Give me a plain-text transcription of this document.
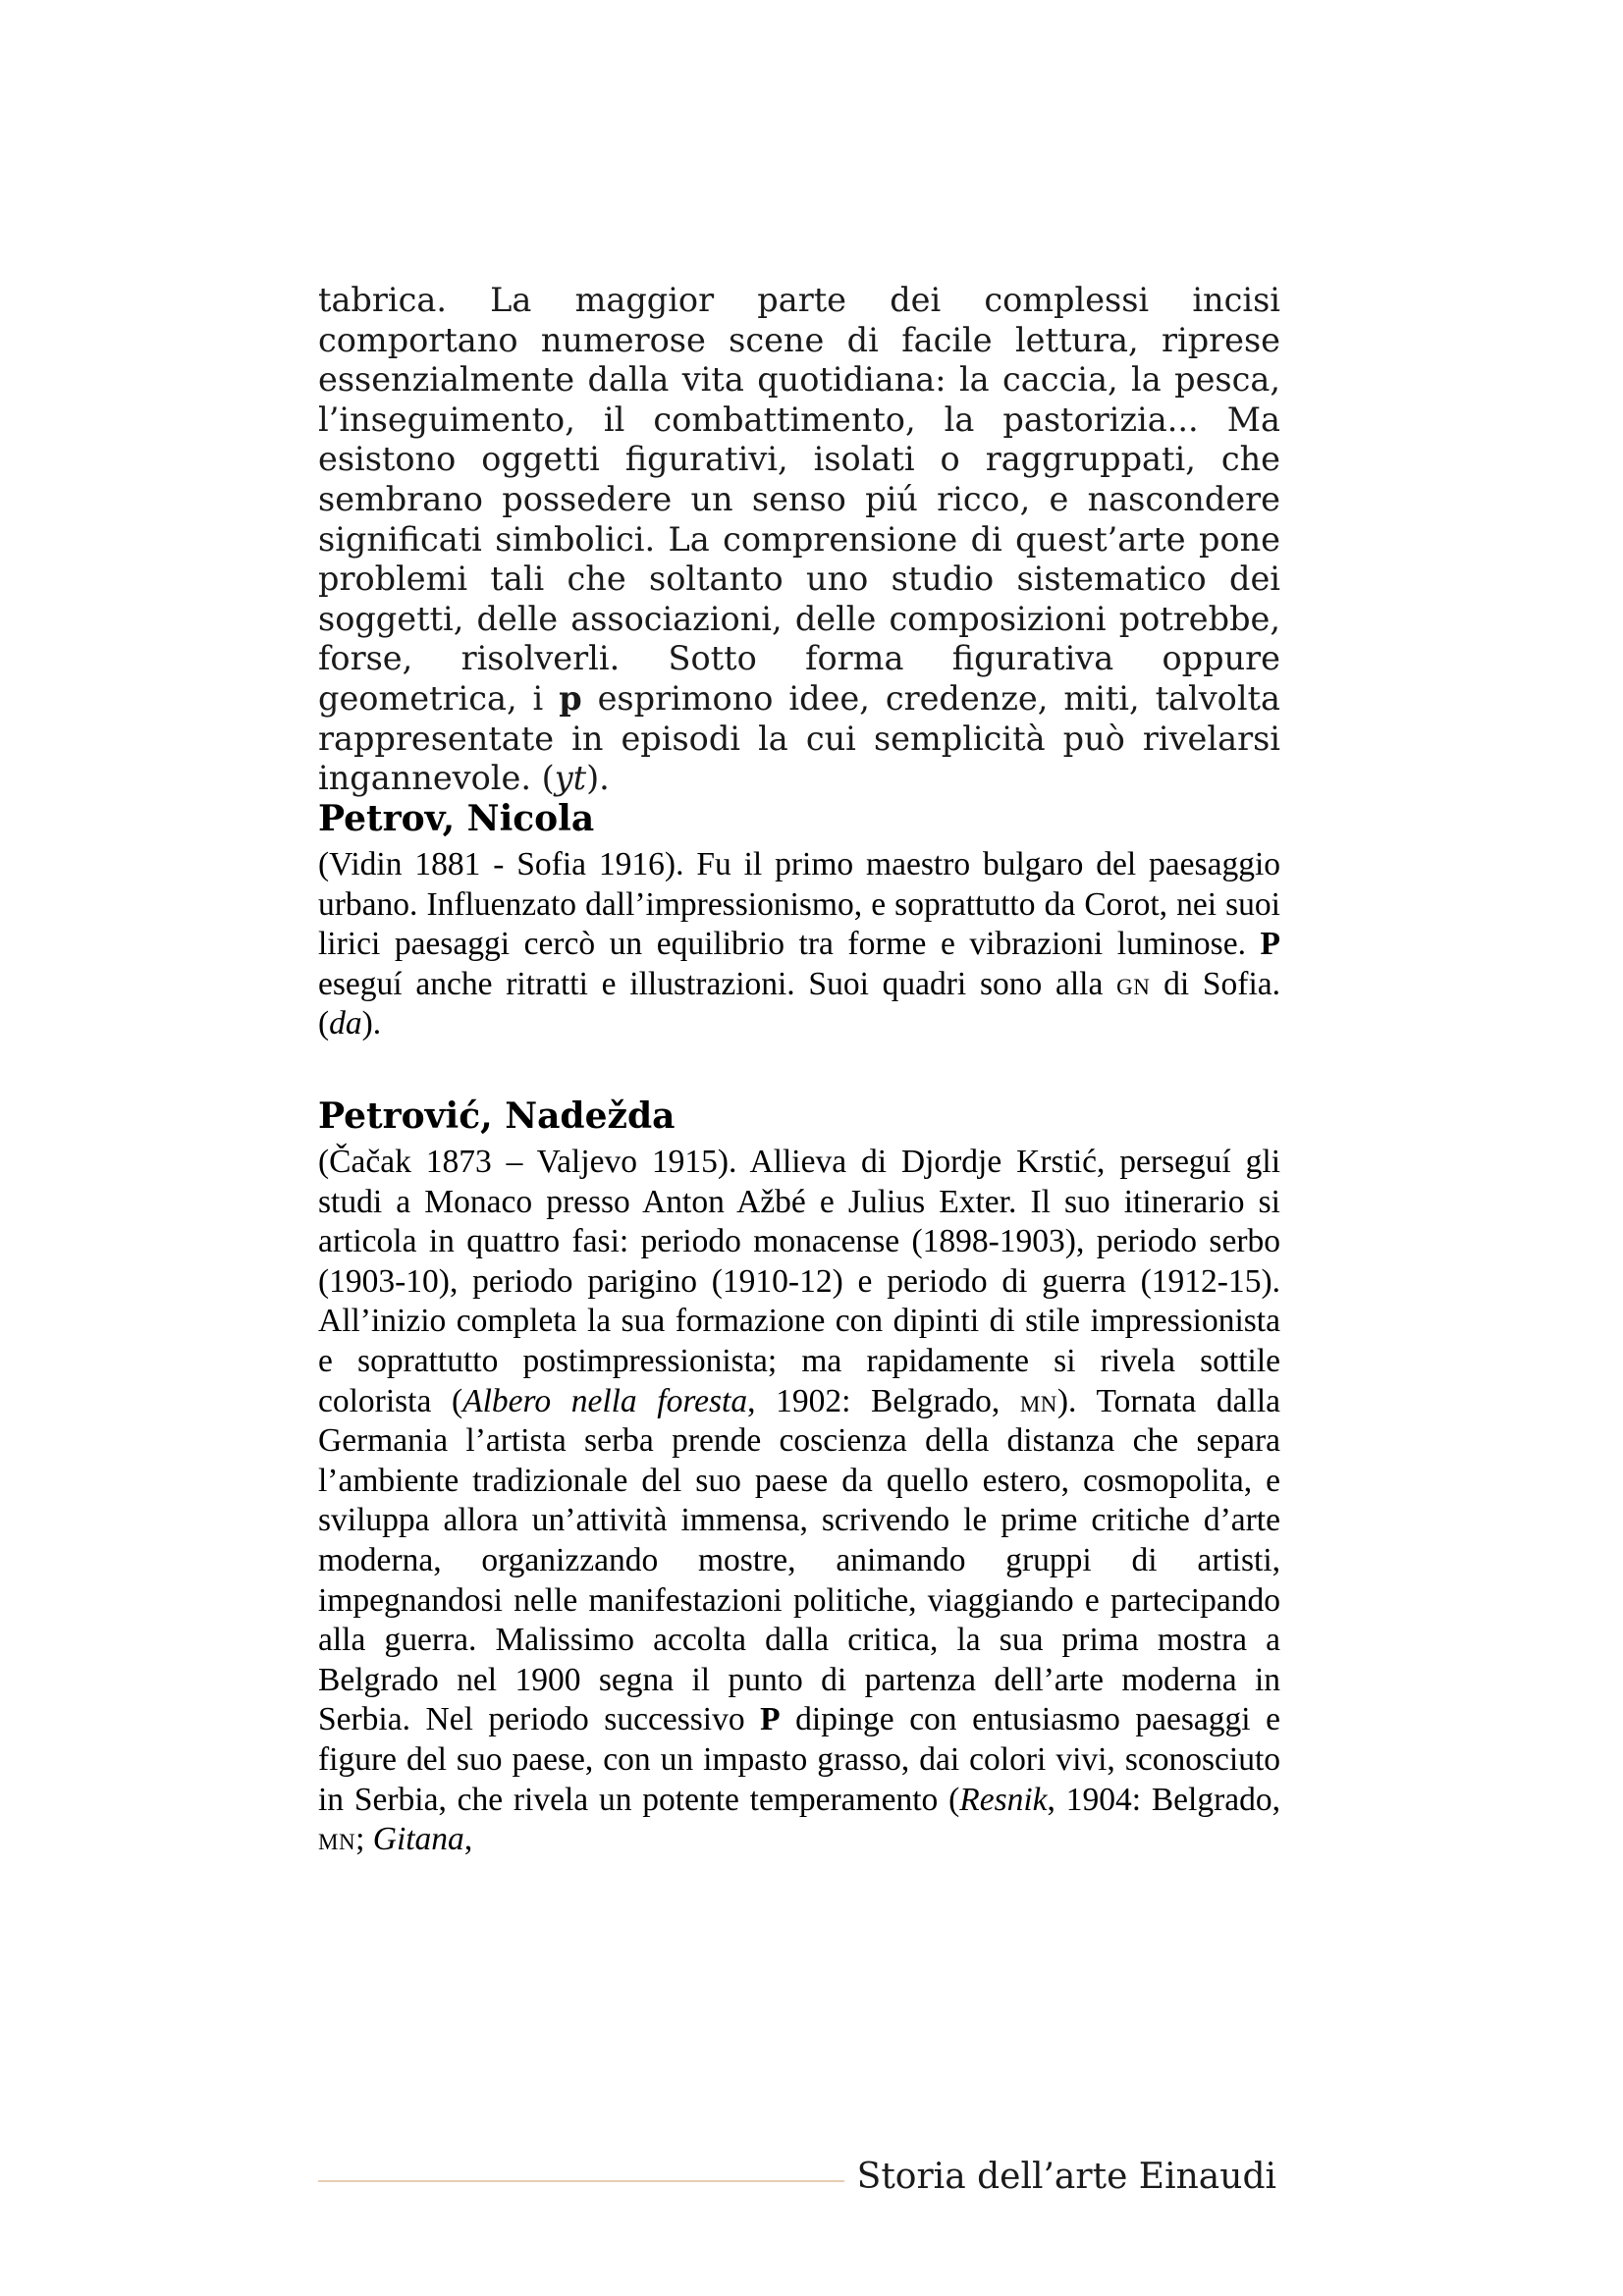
tabrica. La maggior parte dei complessi incisi comportano numerose scene di facile lettura, riprese essenzialmente dalla vita quotidiana: la caccia, la pesca, l’inseguimento, il combattimento, la pastorizia... Ma esistono oggetti figurativi, isolati o raggruppati, che sembrano possedere un senso piú ricco, e nascondere significati simbolici. La comprensione di quest’arte pone problemi tali che soltanto uno studio sistematico dei soggetti, delle associazioni, delle composizioni potrebbe, forse, risolverli. Sotto forma figurativa oppure geometrica, i p esprimono idee, credenze, miti, talvolta rappresentate in episodi la cui semplicità può rivelarsi ingannevole. (yt).

Petrov, Nicola

(Vidin 1881 - Sofia 1916). Fu il primo maestro bulgaro del paesaggio urbano. Influenzato dall’impressionismo, e soprattutto da Corot, nei suoi lirici paesaggi cercò un equilibrio tra forme e vibrazioni luminose. P eseguí anche ritratti e illustrazioni. Suoi quadri sono alla gn di Sofia. (da).

Petrović, Nadežda

(Čačak 1873 – Valjevo 1915). Allieva di Djordje Krstić, perseguí gli studi a Monaco presso Anton Ažbé e Julius Exter. Il suo itinerario si articola in quattro fasi: periodo monacense (1898-1903), periodo serbo (1903-10), periodo parigino (1910-12) e periodo di guerra (1912-15). All’inizio completa la sua formazione con dipinti di stile impressionista e soprattutto postimpressionista; ma rapidamente si rivela sottile colorista (Albero nella foresta, 1902: Belgrado, mn). Tornata dalla Germania l’artista serba prende coscienza della distanza che separa l’ambiente tradizionale del suo paese da quello estero, cosmopolita, e sviluppa allora un’attività immensa, scrivendo le prime critiche d’arte moderna, organizzando mostre, animando gruppi di artisti, impegnandosi nelle manifestazioni politiche, viaggiando e partecipando alla guerra. Malissimo accolta dalla critica, la sua prima mostra a Belgrado nel 1900 segna il punto di partenza dell’arte moderna in Serbia. Nel periodo successivo P dipinge con entusiasmo paesaggi e figure del suo paese, con un impasto grasso, dai colori vivi, sconosciuto in Serbia, che rivela un potente temperamento (Resnik, 1904: Belgrado, mn; Gitana,

Storia dell’arte Einaudi
